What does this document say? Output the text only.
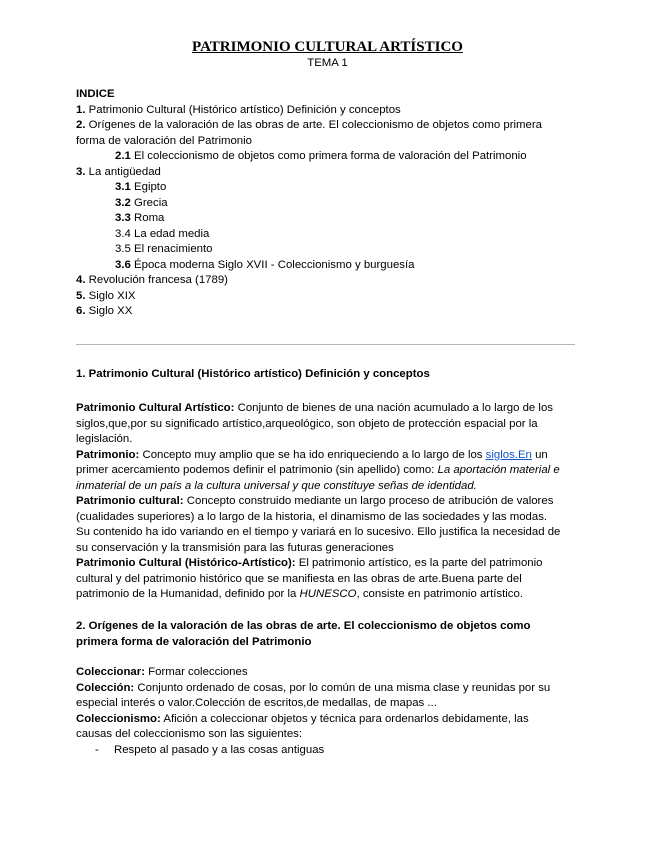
PATRIMONIO CULTURAL ARTÍSTICO
TEMA 1
INDICE
1. Patrimonio Cultural (Histórico artístico) Definición y conceptos
2. Orígenes de la valoración de las obras de arte. El coleccionismo de objetos como primera
forma de valoración del Patrimonio
2.1 El coleccionismo de objetos como primera forma de valoración del Patrimonio
3. La antigüedad
3.1 Egipto
3.2 Grecia
3.3 Roma
3.4 La edad media
3.5 El renacimiento
3.6 Época moderna Siglo XVII - Coleccionismo y burguesía
4. Revolución francesa (1789)
5. Siglo XIX
6. Siglo XX
1. Patrimonio Cultural (Histórico artístico) Definición y conceptos
Patrimonio Cultural Artístico: Conjunto de bienes de una nación acumulado a lo largo de los
siglos,que,por su significado artístico,arqueológico, son objeto de protección espacial por la
legislación.
Patrimonio: Concepto muy amplio que se ha ido enriqueciendo a lo largo de los siglos.En un
primer acercamiento podemos definir el patrimonio (sin apellido) como: La aportación material e
inmaterial de un país a la cultura universal y que constituye señas de identidad.
Patrimonio cultural: Concepto construido mediante un largo proceso de atribución de valores
(cualidades superiores) a lo largo de la historia, el dinamismo de las sociedades y las modas.
Su contenido ha ido variando en el tiempo y variará en lo sucesivo. Ello justifica la necesidad de
su conservación y la transmisión para las futuras generaciones
Patrimonio Cultural (Histórico-Artístico): El patrimonio artístico, es la parte del patrimonio
cultural y del patrimonio histórico que se manifiesta en las obras de arte.Buena parte del
patrimonio de la Humanidad, definido por la HUNESCO, consiste en patrimonio artístico.
2. Orígenes de la valoración de las obras de arte. El coleccionismo de objetos como
primera forma de valoración del Patrimonio
Coleccionar: Formar colecciones
Colección: Conjunto ordenado de cosas, por lo común de una misma clase y reunidas por su
especial interés o valor.Colección de escritos,de medallas, de mapas ...
Coleccionismo: Afición a coleccionar objetos y técnica para ordenarlos debidamente, las
causas del coleccionismo son las siguientes:
- Respeto al pasado y a las cosas antiguas
